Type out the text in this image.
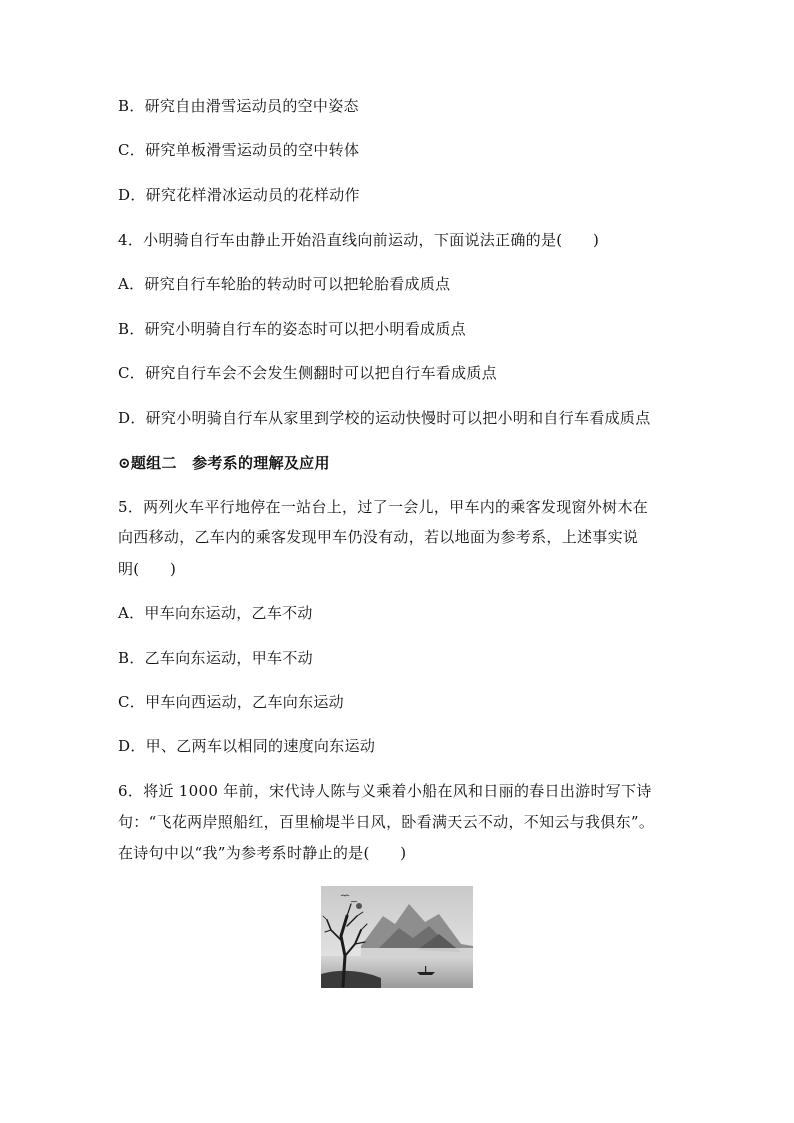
B．研究自由滑雪运动员的空中姿态
C．研究单板滑雪运动员的空中转体
D．研究花样滑冰运动员的花样动作
4．小明骑自行车由静止开始沿直线向前运动，下面说法正确的是(　　)
A．研究自行车轮胎的转动时可以把轮胎看成质点
B．研究小明骑自行车的姿态时可以把小明看成质点
C．研究自行车会不会发生侧翻时可以把自行车看成质点
D．研究小明骑自行车从家里到学校的运动快慢时可以把小明和自行车看成质点
⊙题组二　参考系的理解及应用
5．两列火车平行地停在一站台上，过了一会儿，甲车内的乘客发现窗外树木在
向西移动，乙车内的乘客发现甲车仍没有动，若以地面为参考系，上述事实说
明(　　)
A．甲车向东运动，乙车不动
B．乙车向东运动，甲车不动
C．甲车向西运动，乙车向东运动
D．甲、乙两车以相同的速度向东运动
6．将近 1000 年前，宋代诗人陈与义乘着小船在风和日丽的春日出游时写下诗
句：“飞花两岸照船红，百里榆堤半日风，卧看满天云不动，不知云与我俱东”。
在诗句中以“我”为参考系时静止的是(　　)
